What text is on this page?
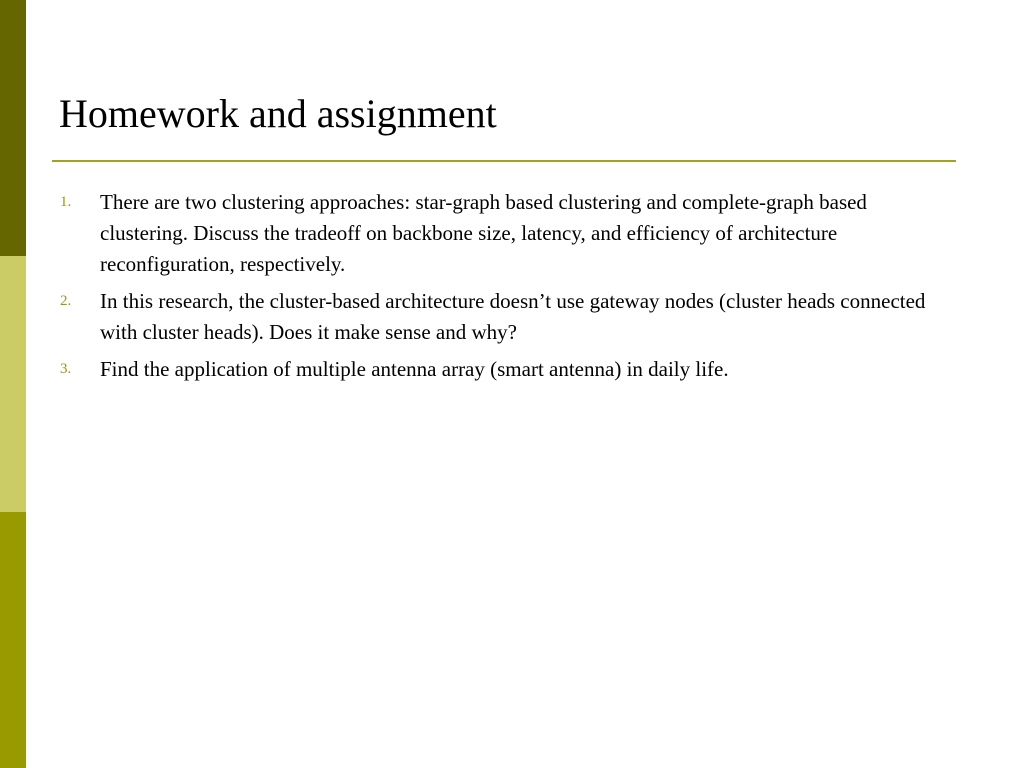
Homework and assignment
1. There are two clustering approaches: star-graph based clustering and complete-graph based clustering. Discuss the tradeoff on backbone size, latency, and efficiency of architecture reconfiguration, respectively.
2. In this research, the cluster-based architecture doesn’t use gateway nodes (cluster heads connected with cluster heads). Does it make sense and why?
3. Find the application of multiple antenna array (smart antenna) in daily life.
